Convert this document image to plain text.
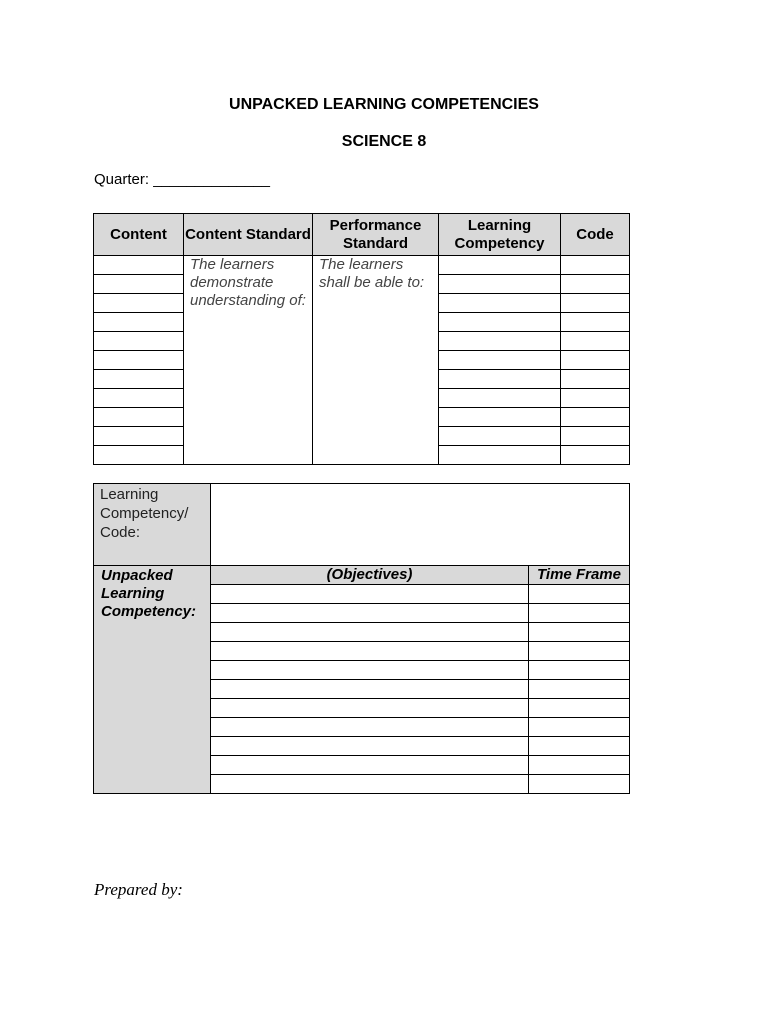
UNPACKED LEARNING COMPETENCIES
SCIENCE 8
Quarter: ______________
Content	Content Standard	Performance Standard	Learning Competency	Code
	The learners demonstrate understanding of:	The learners shall be able to:		

Learning Competency/ Code:		
Unpacked Learning Competency:	(Objectives)	Time Frame

Prepared by:
